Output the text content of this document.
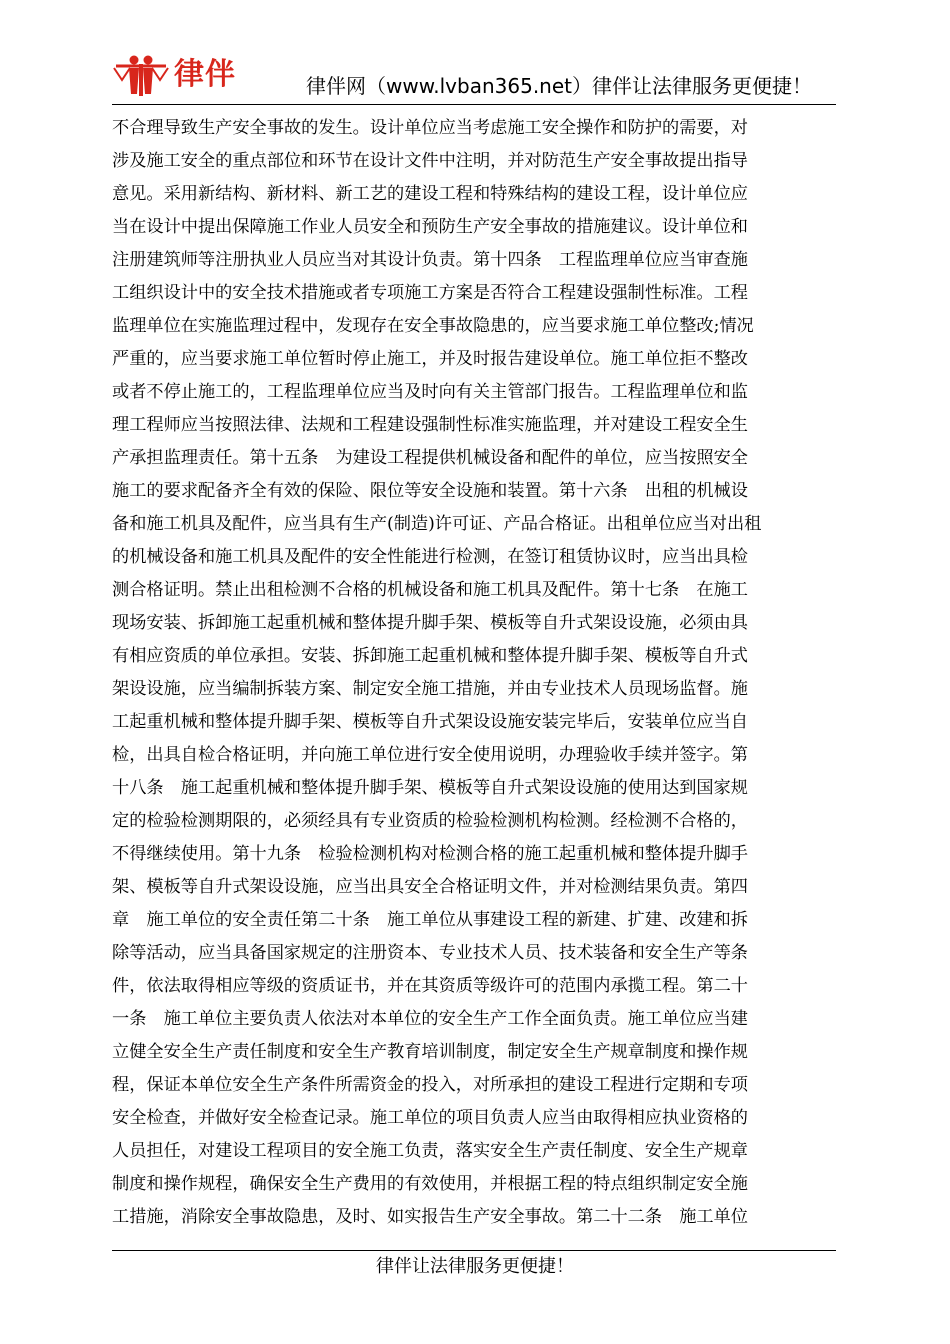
律伴	律伴网（www.lvban365.net）律伴让法律服务更便捷！
不合理导致生产安全事故的发生。设计单位应当考虑施工安全操作和防护的需要，对
涉及施工安全的重点部位和环节在设计文件中注明，并对防范生产安全事故提出指导
意见。采用新结构、新材料、新工艺的建设工程和特殊结构的建设工程，设计单位应
当在设计中提出保障施工作业人员安全和预防生产安全事故的措施建议。设计单位和
注册建筑师等注册执业人员应当对其设计负责。第十四条　工程监理单位应当审查施
工组织设计中的安全技术措施或者专项施工方案是否符合工程建设强制性标准。工程
监理单位在实施监理过程中，发现存在安全事故隐患的，应当要求施工单位整改;情况
严重的，应当要求施工单位暂时停止施工，并及时报告建设单位。施工单位拒不整改
或者不停止施工的，工程监理单位应当及时向有关主管部门报告。工程监理单位和监
理工程师应当按照法律、法规和工程建设强制性标准实施监理，并对建设工程安全生
产承担监理责任。第十五条　为建设工程提供机械设备和配件的单位，应当按照安全
施工的要求配备齐全有效的保险、限位等安全设施和装置。第十六条　出租的机械设
备和施工机具及配件，应当具有生产(制造)许可证、产品合格证。出租单位应当对出租
的机械设备和施工机具及配件的安全性能进行检测，在签订租赁协议时，应当出具检
测合格证明。禁止出租检测不合格的机械设备和施工机具及配件。第十七条　在施工
现场安装、拆卸施工起重机械和整体提升脚手架、模板等自升式架设设施，必须由具
有相应资质的单位承担。安装、拆卸施工起重机械和整体提升脚手架、模板等自升式
架设设施，应当编制拆装方案、制定安全施工措施，并由专业技术人员现场监督。施
工起重机械和整体提升脚手架、模板等自升式架设设施安装完毕后，安装单位应当自
检，出具自检合格证明，并向施工单位进行安全使用说明，办理验收手续并签字。第
十八条　施工起重机械和整体提升脚手架、模板等自升式架设设施的使用达到国家规
定的检验检测期限的，必须经具有专业资质的检验检测机构检测。经检测不合格的，
不得继续使用。第十九条　检验检测机构对检测合格的施工起重机械和整体提升脚手
架、模板等自升式架设设施，应当出具安全合格证明文件，并对检测结果负责。第四
章　施工单位的安全责任第二十条　施工单位从事建设工程的新建、扩建、改建和拆
除等活动，应当具备国家规定的注册资本、专业技术人员、技术装备和安全生产等条
件，依法取得相应等级的资质证书，并在其资质等级许可的范围内承揽工程。第二十
一条　施工单位主要负责人依法对本单位的安全生产工作全面负责。施工单位应当建
立健全安全生产责任制度和安全生产教育培训制度，制定安全生产规章制度和操作规
程，保证本单位安全生产条件所需资金的投入，对所承担的建设工程进行定期和专项
安全检查，并做好安全检查记录。施工单位的项目负责人应当由取得相应执业资格的
人员担任，对建设工程项目的安全施工负责，落实安全生产责任制度、安全生产规章
制度和操作规程，确保安全生产费用的有效使用，并根据工程的特点组织制定安全施
工措施，消除安全事故隐患，及时、如实报告生产安全事故。第二十二条　施工单位
律伴让法律服务更便捷！
